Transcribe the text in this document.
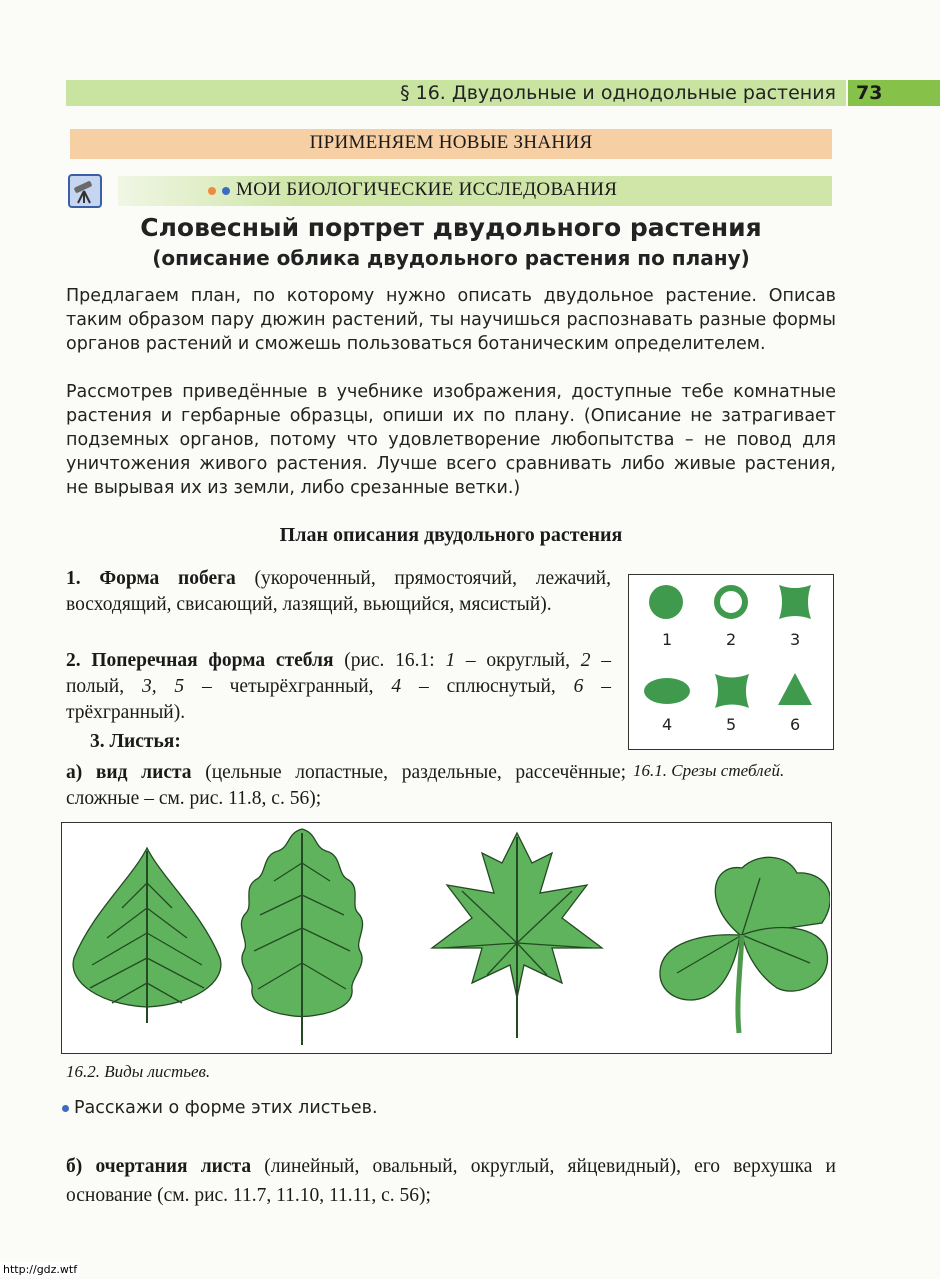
§ 16. Двудольные и однодольные растения	73
ПРИМЕНЯЕМ НОВЫЕ ЗНАНИЯ
МОИ БИОЛОГИЧЕСКИЕ ИССЛЕДОВАНИЯ
Словесный портрет двудольного растения
(описание облика двудольного растения по плану)
Предлагаем план, по которому нужно описать двудольное растение. Описав таким образом пару дюжин растений, ты научишься распознавать разные формы органов растений и сможешь пользоваться ботаническим определителем.
Рассмотрев приведённые в учебнике изображения, доступные тебе комнатные растения и гербарные образцы, опиши их по плану. (Описание не затрагивает подземных органов, потому что удовлетворение любопытства – не повод для уничтожения живого растения. Лучше всего сравнивать либо живые растения, не вырывая их из земли, либо срезанные ветки.)
План описания двудольного растения
1. Форма побега (укороченный, прямостоячий, лежачий, восходящий, свисающий, лазящий, вьющийся, мясистый).
2. Поперечная форма стебля (рис. 16.1: 1 – округлый, 2 – полый, 3, 5 – четырёхгранный, 4 – сплюснутый, 6 – трёхгранный).
3. Листья:
а) вид листа (цельные лопастные, раздельные, рассечённые; сложные – см. рис. 11.8, с. 56);
1	2	3
4	5	6
16.1. Срезы стеблей.
16.2. Виды листьев.
Расскажи о форме этих листьев.
б) очертания листа (линейный, овальный, округлый, яйцевидный), его верхушка и основание (см. рис. 11.7, 11.10, 11.11, с. 56);
http://gdz.wtf
